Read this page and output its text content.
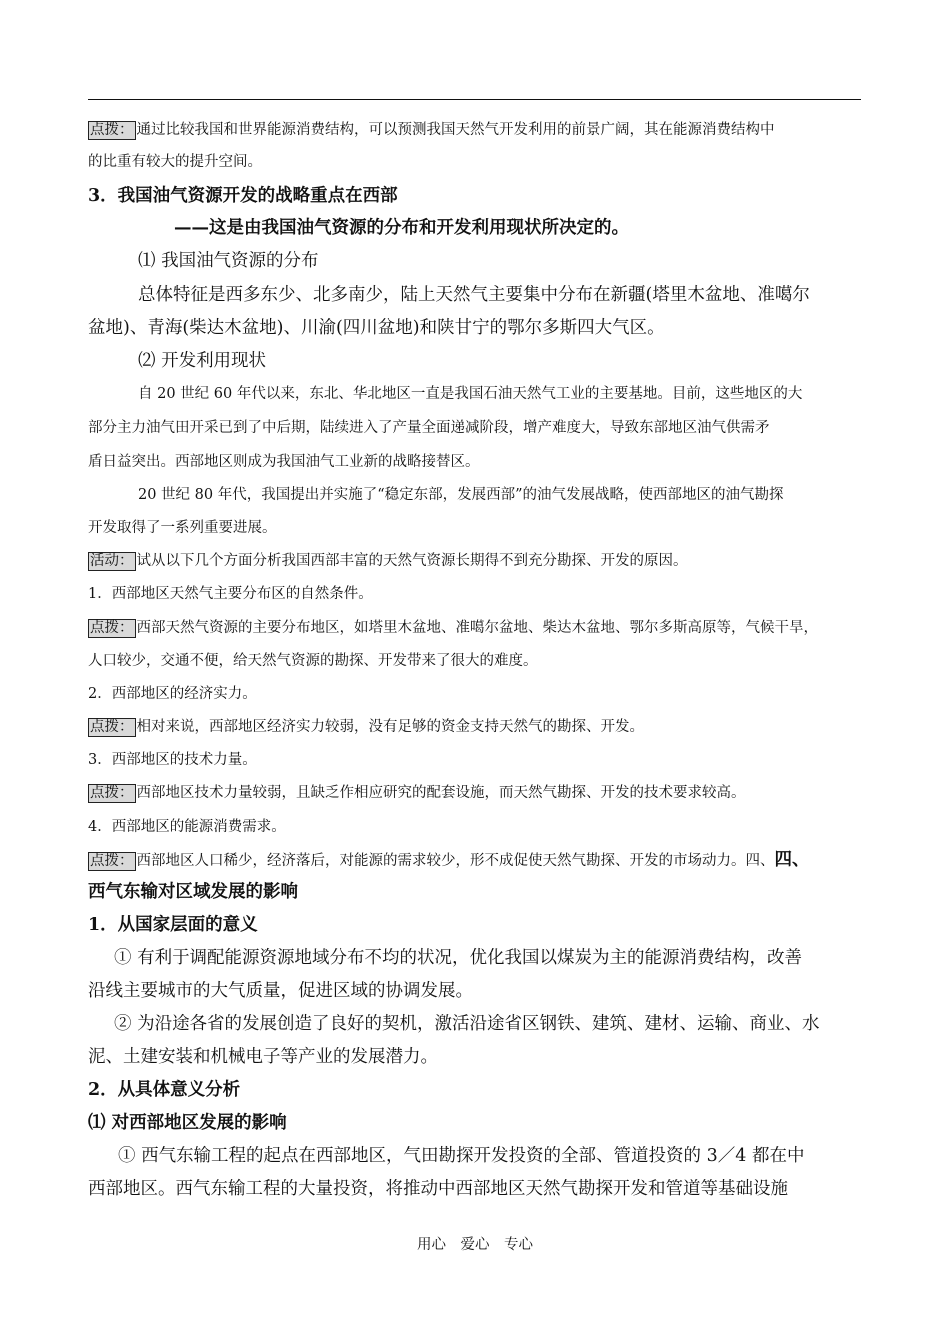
点拨： 通过比较我国和世界能源消费结构，可以预测我国天然气开发利用的前景广阔，其在能源消费结构中
的比重有较大的提升空间。
3．我国油气资源开发的战略重点在西部
——这是由我国油气资源的分布和开发利用现状所决定的。
⑴ 我国油气资源的分布
总体特征是西多东少、北多南少，陆上天然气主要集中分布在新疆(塔里木盆地、准噶尔
盆地)、青海(柴达木盆地)、川渝(四川盆地)和陕甘宁的鄂尔多斯四大气区。
⑵ 开发利用现状
自 20 世纪 60 年代以来，东北、华北地区一直是我国石油天然气工业的主要基地。目前，这些地区的大
部分主力油气田开采已到了中后期，陆续进入了产量全面递减阶段，增产难度大，导致东部地区油气供需矛
盾日益突出。西部地区则成为我国油气工业新的战略接替区。
20 世纪 80 年代，我国提出并实施了“稳定东部，发展西部”的油气发展战略，使西部地区的油气勘探
开发取得了一系列重要进展。
活动： 试从以下几个方面分析我国西部丰富的天然气资源长期得不到充分勘探、开发的原因。
1．西部地区天然气主要分布区的自然条件。
点拨： 西部天然气资源的主要分布地区，如塔里木盆地、准噶尔盆地、柴达木盆地、鄂尔多斯高原等，气候干旱，
人口较少，交通不便，给天然气资源的勘探、开发带来了很大的难度。
2．西部地区的经济实力。
点拨： 相对来说，西部地区经济实力较弱，没有足够的资金支持天然气的勘探、开发。
3．西部地区的技术力量。
点拨： 西部地区技术力量较弱，且缺乏作相应研究的配套设施，而天然气勘探、开发的技术要求较高。
4．西部地区的能源消费需求。
点拨： 西部地区人口稀少，经济落后，对能源的需求较少，形不成促使天然气勘探、开发的市场动力。四、四、
西气东输对区域发展的影响
1．从国家层面的意义
① 有利于调配能源资源地域分布不均的状况，优化我国以煤炭为主的能源消费结构，改善
沿线主要城市的大气质量，促进区域的协调发展。
② 为沿途各省的发展创造了良好的契机，激活沿途省区钢铁、建筑、建材、运输、商业、水
泥、土建安装和机械电子等产业的发展潜力。
2．从具体意义分析
⑴ 对西部地区发展的影响
① 西气东输工程的起点在西部地区，气田勘探开发投资的全部、管道投资的 3／4 都在中
西部地区。西气东输工程的大量投资，将推动中西部地区天然气勘探开发和管道等基础设施
用心　爱心　专心
